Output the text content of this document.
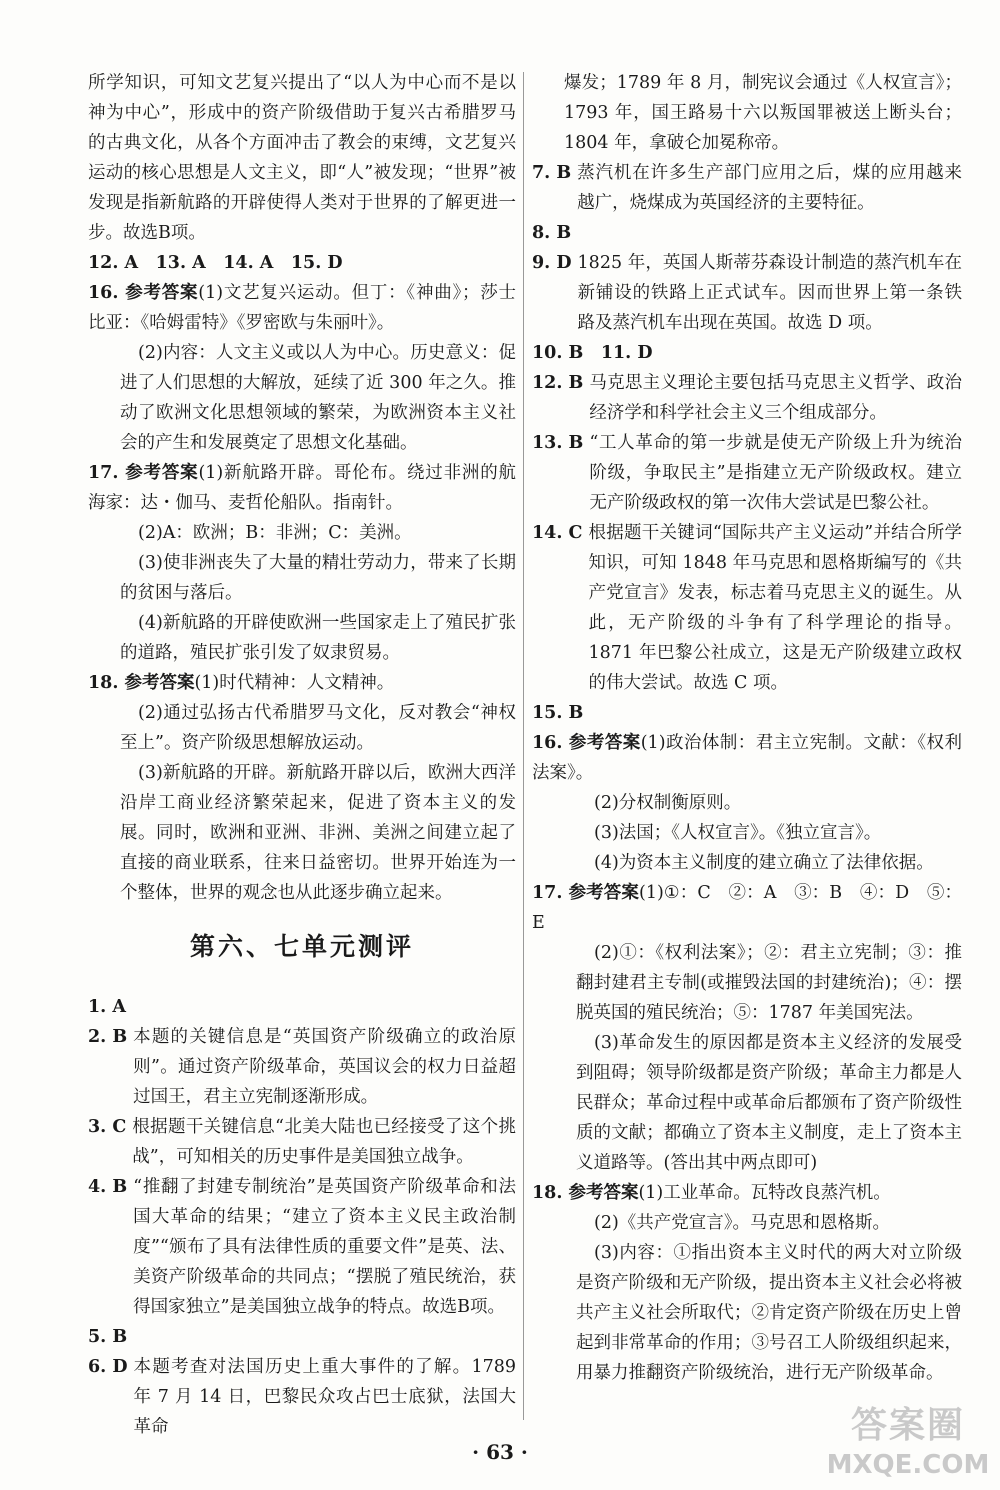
所学知识，可知文艺复兴提出了“以人为中心而不是以神为中心”，形成中的资产阶级借助于复兴古希腊罗马的古典文化，从各个方面冲击了教会的束缚，文艺复兴运动的核心思想是人文主义，即“人”被发现；“世界”被发现是指新航路的开辟使得人类对于世界的了解更进一步。故选B项。

12. A　13. A　14. A　15. D

16. 参考答案(1)文艺复兴运动。但丁：《神曲》；莎士比亚：《哈姆雷特》《罗密欧与朱丽叶》。

(2)内容：人文主义或以人为中心。历史意义：促进了人们思想的大解放，延续了近 300 年之久。推动了欧洲文化思想领域的繁荣，为欧洲资本主义社会的产生和发展奠定了思想文化基础。

17. 参考答案(1)新航路开辟。哥伦布。绕过非洲的航海家：达・伽马、麦哲伦船队。指南针。

(2)A：欧洲；B：非洲；C：美洲。

(3)使非洲丧失了大量的精壮劳动力，带来了长期的贫困与落后。

(4)新航路的开辟使欧洲一些国家走上了殖民扩张的道路，殖民扩张引发了奴隶贸易。

18. 参考答案(1)时代精神：人文精神。

(2)通过弘扬古代希腊罗马文化，反对教会“神权至上”。资产阶级思想解放运动。

(3)新航路的开辟。新航路开辟以后，欧洲大西洋沿岸工商业经济繁荣起来，促进了资本主义的发展。同时，欧洲和亚洲、非洲、美洲之间建立起了直接的商业联系，往来日益密切。世界开始连为一个整体，世界的观念也从此逐步确立起来。

第六、七单元测评
1. A
2. B 本题的关键信息是“英国资产阶级确立的政治原则”。通过资产阶级革命，英国议会的权力日益超过国王，君主立宪制逐渐形成。
3. C 根据题干关键信息“北美大陆也已经接受了这个挑战”，可知相关的历史事件是美国独立战争。
4. B “推翻了封建专制统治”是英国资产阶级革命和法国大革命的结果；“建立了资本主义民主政治制度”“颁布了具有法律性质的重要文件”是英、法、美资产阶级革命的共同点；“摆脱了殖民统治，获得国家独立”是美国独立战争的特点。故选B项。
5. B
6. D 本题考查对法国历史上重大事件的了解。1789 年 7 月 14 日，巴黎民众攻占巴士底狱，法国大革命

爆发；1789 年 8 月，制宪议会通过《人权宣言》；1793 年，国王路易十六以叛国罪被送上断头台；1804 年，拿破仑加冕称帝。

7. B 蒸汽机在许多生产部门应用之后，煤的应用越来越广，烧煤成为英国经济的主要特征。
8. B
9. D 1825 年，英国人斯蒂芬森设计制造的蒸汽机车在新铺设的铁路上正式试车。因而世界上第一条铁路及蒸汽机车出现在英国。故选 D 项。

10. B　11. D

12. B 马克思主义理论主要包括马克思主义哲学、政治经济学和科学社会主义三个组成部分。
13. B “工人革命的第一步就是使无产阶级上升为统治阶级，争取民主”是指建立无产阶级政权。建立无产阶级政权的第一次伟大尝试是巴黎公社。
14. C 根据题干关键词“国际共产主义运动”并结合所学知识，可知 1848 年马克思和恩格斯编写的《共产党宣言》发表，标志着马克思主义的诞生。从此，无产阶级的斗争有了科学理论的指导。1871 年巴黎公社成立，这是无产阶级建立政权的伟大尝试。故选 C 项。
15. B

16. 参考答案(1)政治体制：君主立宪制。文献：《权利法案》。

(2)分权制衡原则。

(3)法国；《人权宣言》。《独立宣言》。

(4)为资本主义制度的建立确立了法律依据。

17. 参考答案(1)①：C　②：A　③：B　④：D　⑤：E

(2)①：《权利法案》；②：君主立宪制；③：推翻封建君主专制(或摧毁法国的封建统治)；④：摆脱英国的殖民统治；⑤：1787 年美国宪法。

(3)革命发生的原因都是资本主义经济的发展受到阻碍；领导阶级都是资产阶级；革命主力都是人民群众；革命过程中或革命后都颁布了资产阶级性质的文献；都确立了资本主义制度，走上了资本主义道路等。(答出其中两点即可)

18. 参考答案(1)工业革命。瓦特改良蒸汽机。

(2)《共产党宣言》。马克思和恩格斯。

(3)内容：①指出资本主义时代的两大对立阶级是资产阶级和无产阶级，提出资本主义社会必将被共产主义社会所取代；②肯定资产阶级在历史上曾起到非常革命的作用；③号召工人阶级组织起来，用暴力推翻资产阶级统治，进行无产阶级革命。

· 63 ·
答案圈
MXQE.COM
